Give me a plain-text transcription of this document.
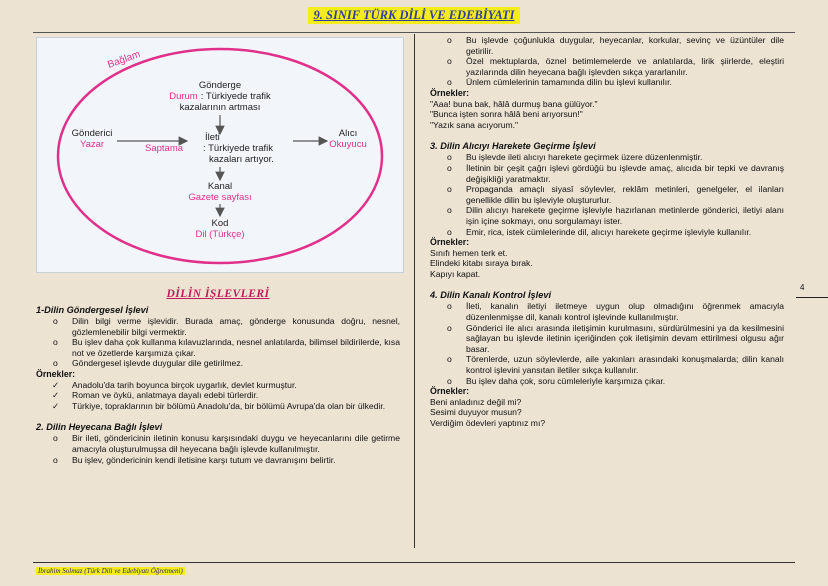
9. SINIF TÜRK DİLİ VE EDEBİYATI
Bağlam
Gönderge
Durum : Türkiyede trafik
kazalarının artması
Gönderici
Yazar
İleti
Saptama : Türkiyede trafik
kazaları artıyor.
Alıcı
Okuyucu
Kanal
Gazete sayfası
Kod
Dil (Türkçe)
DİLİN İŞLEVLERİ

1-Dilin Göndergesel İşlevi

o Dilin bilgi verme işlevidir. Burada amaç, gönderge konusunda doğru, nesnel, gözlemlenebilir bilgi vermektir.
o Bu işlev daha çok kullanma kılavuzlarında, nesnel anlatılarda, bilimsel bildirilerde, kısa not ve özetlerde karşımıza çıkar.
o Göndergesel işlevde duygular dile getirilmez.

Örnekler:

✓ Anadolu'da tarih boyunca birçok uygarlık, devlet kurmuştur.
✓ Roman ve öykü, anlatmaya dayalı edebi türlerdir.
✓ Türkiye, topraklarının bir bölümü Anadolu'da, bir bölümü Avrupa'da olan bir ülkedir.

2. Dilin Heyecana Bağlı İşlevi

o Bir ileti, göndericinin iletinin konusu karşısındaki duygu ve heyecanlarını dile getirme amacıyla oluşturulmuşsa dil heyecana bağlı işlevde kullanılmıştır.
o Bu işlev, göndericinin kendi iletisine karşı tutum ve davranışını belirtir.
o Bu işlevde çoğunlukla duygular, heyecanlar, korkular, sevinç ve üzüntüler dile getirilir.
o Özel mektuplarda, öznel betimlemelerde ve anlatılarda, lirik şiirlerde, eleştiri yazılarında dilin heyecana bağlı işlevden sıkça yararlanılır.
o Ünlem cümlelerinin tamamında dilin bu işlevi kullanılır.

Örnekler:

"Aaa! buna bak, hâlâ durmuş bana gülüyor."

"Bunca işten sonra hâlâ beni arıyorsun!"

"Yazık sana acıyorum."

3. Dilin Alıcıyı Harekete Geçirme İşlevi

o Bu işlevde ileti alıcıyı harekete geçirmek üzere düzenlenmiştir.
o İletinin bir çeşit çağrı işlevi gördüğü bu işlevde amaç, alıcıda bir tepki ve davranış değişikliği yaratmaktır.
o Propaganda amaçlı siyasî söylevler, reklâm metinleri, genelgeler, el ilanları genellikle dilin bu işleviyle oluştururlur.
o Dilin alıcıyı harekete geçirme işleviyle hazırlanan metinlerde gönderici, iletiyi alanı işin içine sokmayı, onu sorgulamayı ister.
o Emir, rica, istek cümlelerinde dil, alıcıyı harekete geçirme işleviyle kullanılır.

Örnekler:

Sınıfı hemen terk et.

Elindeki kitabı sıraya bırak.

Kapıyı kapat.

4. Dilin Kanalı Kontrol İşlevi

o İleti, kanalın iletiyi iletmeye uygun olup olmadığını öğrenmek amacıyla düzenlenmişse dil, kanalı kontrol işlevinde kullanılmıştır.
o Gönderici ile alıcı arasında iletişimin kurulmasını, sürdürülmesini ya da kesilmesini sağlayan bu işlevde iletinin içeriğinden çok iletişimin devam ettirilmesi olgusu ağır basar.
o Törenlerde, uzun söylevlerde, aile yakınları arasındaki konuşmalarda; dilin kanalı kontrol işlevini yansıtan iletiler sıkça kullanılır.
o Bu işlev daha çok, soru cümleleriyle karşımıza çıkar.

Örnekler:

Beni anladınız değil mi?

Sesimi duyuyor musun?

Verdiğim ödevleri yaptınız mı?

4
İbrahim Solmaz (Türk Dili ve Edebiyatı Öğretmeni)
